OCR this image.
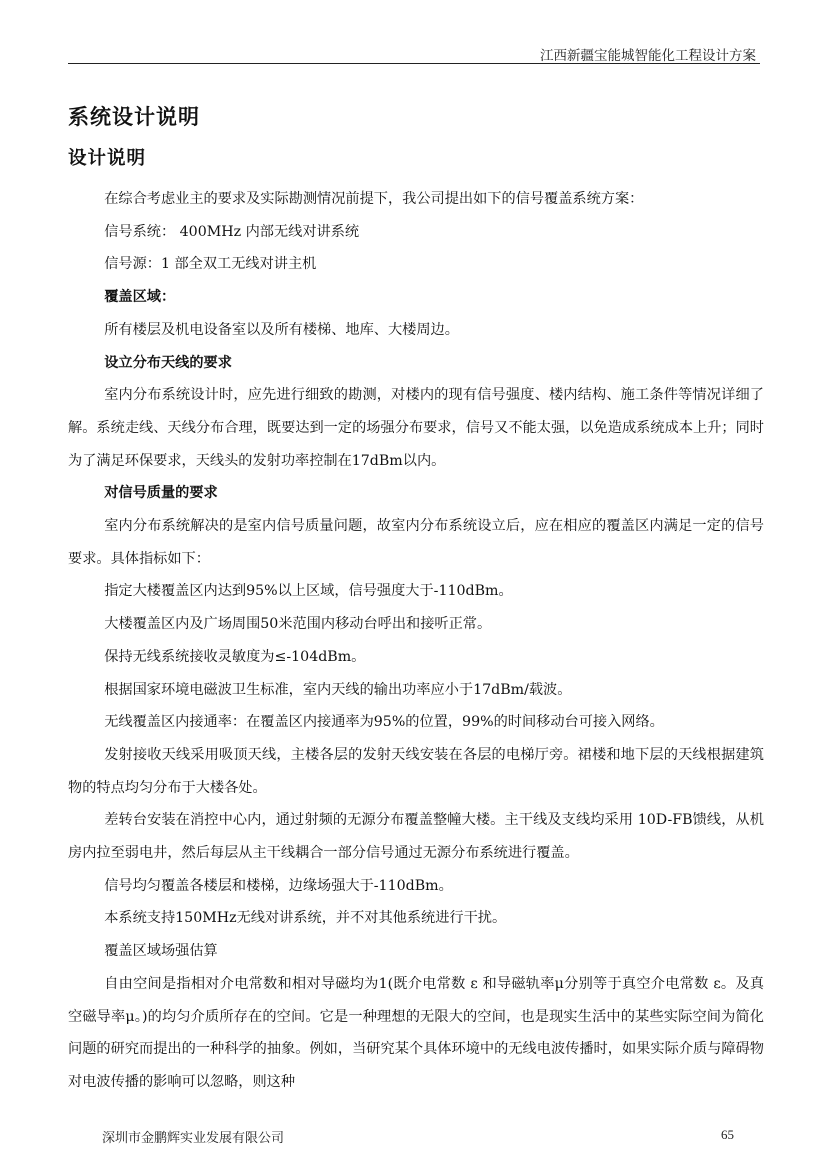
江西新疆宝能城智能化工程设计方案
系统设计说明
设计说明

在综合考虑业主的要求及实际勘测情况前提下，我公司提出如下的信号覆盖系统方案：

信号系统： 400MHz 内部无线对讲系统

信号源：1 部全双工无线对讲主机

覆盖区域：

所有楼层及机电设备室以及所有楼梯、地库、大楼周边。

设立分布天线的要求

室内分布系统设计时，应先进行细致的勘测，对楼内的现有信号强度、楼内结构、施工条件等情况详细了解。系统走线、天线分布合理，既要达到一定的场强分布要求，信号又不能太强，以免造成系统成本上升；同时为了满足环保要求，天线头的发射功率控制在17dBm以内。

对信号质量的要求

室内分布系统解决的是室内信号质量问题，故室内分布系统设立后，应在相应的覆盖区内满足一定的信号要求。具体指标如下：

指定大楼覆盖区内达到95%以上区域，信号强度大于-110dBm。

大楼覆盖区内及广场周围50米范围内移动台呼出和接听正常。

保持无线系统接收灵敏度为≤-104dBm。

根据国家环境电磁波卫生标准，室内天线的输出功率应小于17dBm/载波。

无线覆盖区内接通率：在覆盖区内接通率为95%的位置，99%的时间移动台可接入网络。

发射接收天线采用吸顶天线，主楼各层的发射天线安装在各层的电梯厅旁。裙楼和地下层的天线根据建筑物的特点均匀分布于大楼各处。

差转台安装在消控中心内，通过射频的无源分布覆盖整幢大楼。主干线及支线均采用 10D-FB馈线，从机房内拉至弱电井，然后每层从主干线耦合一部分信号通过无源分布系统进行覆盖。

信号均匀覆盖各楼层和楼梯，边缘场强大于-110dBm。

本系统支持150MHz无线对讲系统，并不对其他系统进行干扰。

覆盖区域场强估算

自由空间是指相对介电常数和相对导磁均为1(既介电常数 ε 和导磁轨率μ分别等于真空介电常数 ε。及真空磁导率μ。)的均匀介质所存在的空间。它是一种理想的无限大的空间，也是现实生活中的某些实际空间为简化问题的研究而提出的一种科学的抽象。例如，当研究某个具体环境中的无线电波传播时，如果实际介质与障碍物对电波传播的影响可以忽略，则这种

深圳市金鹏辉实业发展有限公司	65
